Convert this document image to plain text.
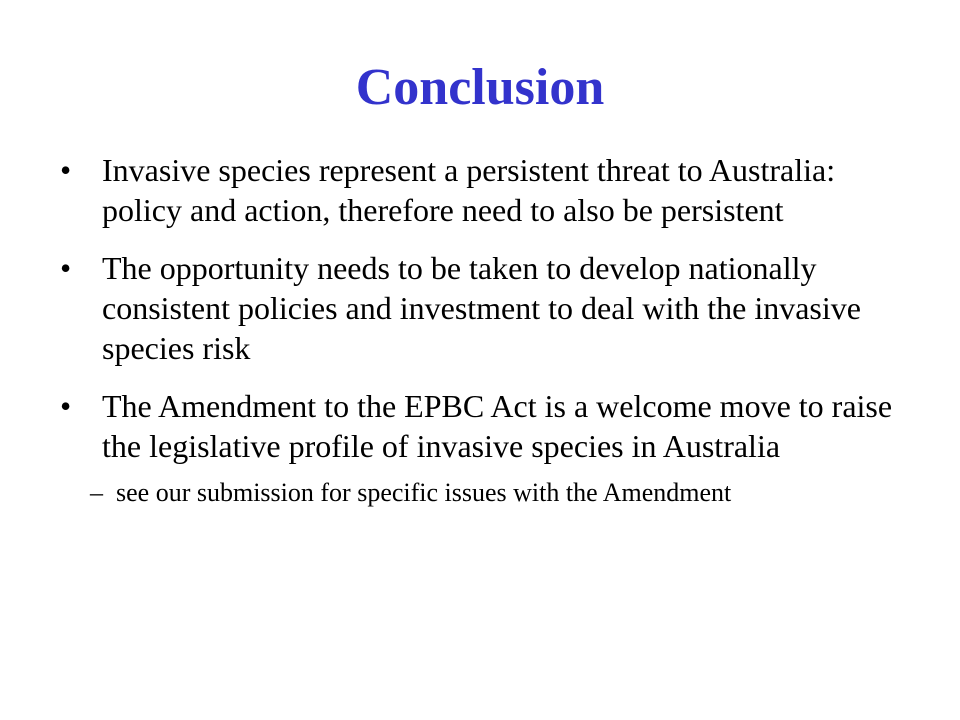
Conclusion
• Invasive species represent a persistent threat to Australia: policy and action, therefore need to also be persistent
• The opportunity needs to be taken to develop nationally consistent policies and investment to deal with the invasive species risk
• The Amendment to the EPBC Act is a welcome move to raise the legislative profile of invasive species in Australia
– see our submission for specific issues with the Amendment
